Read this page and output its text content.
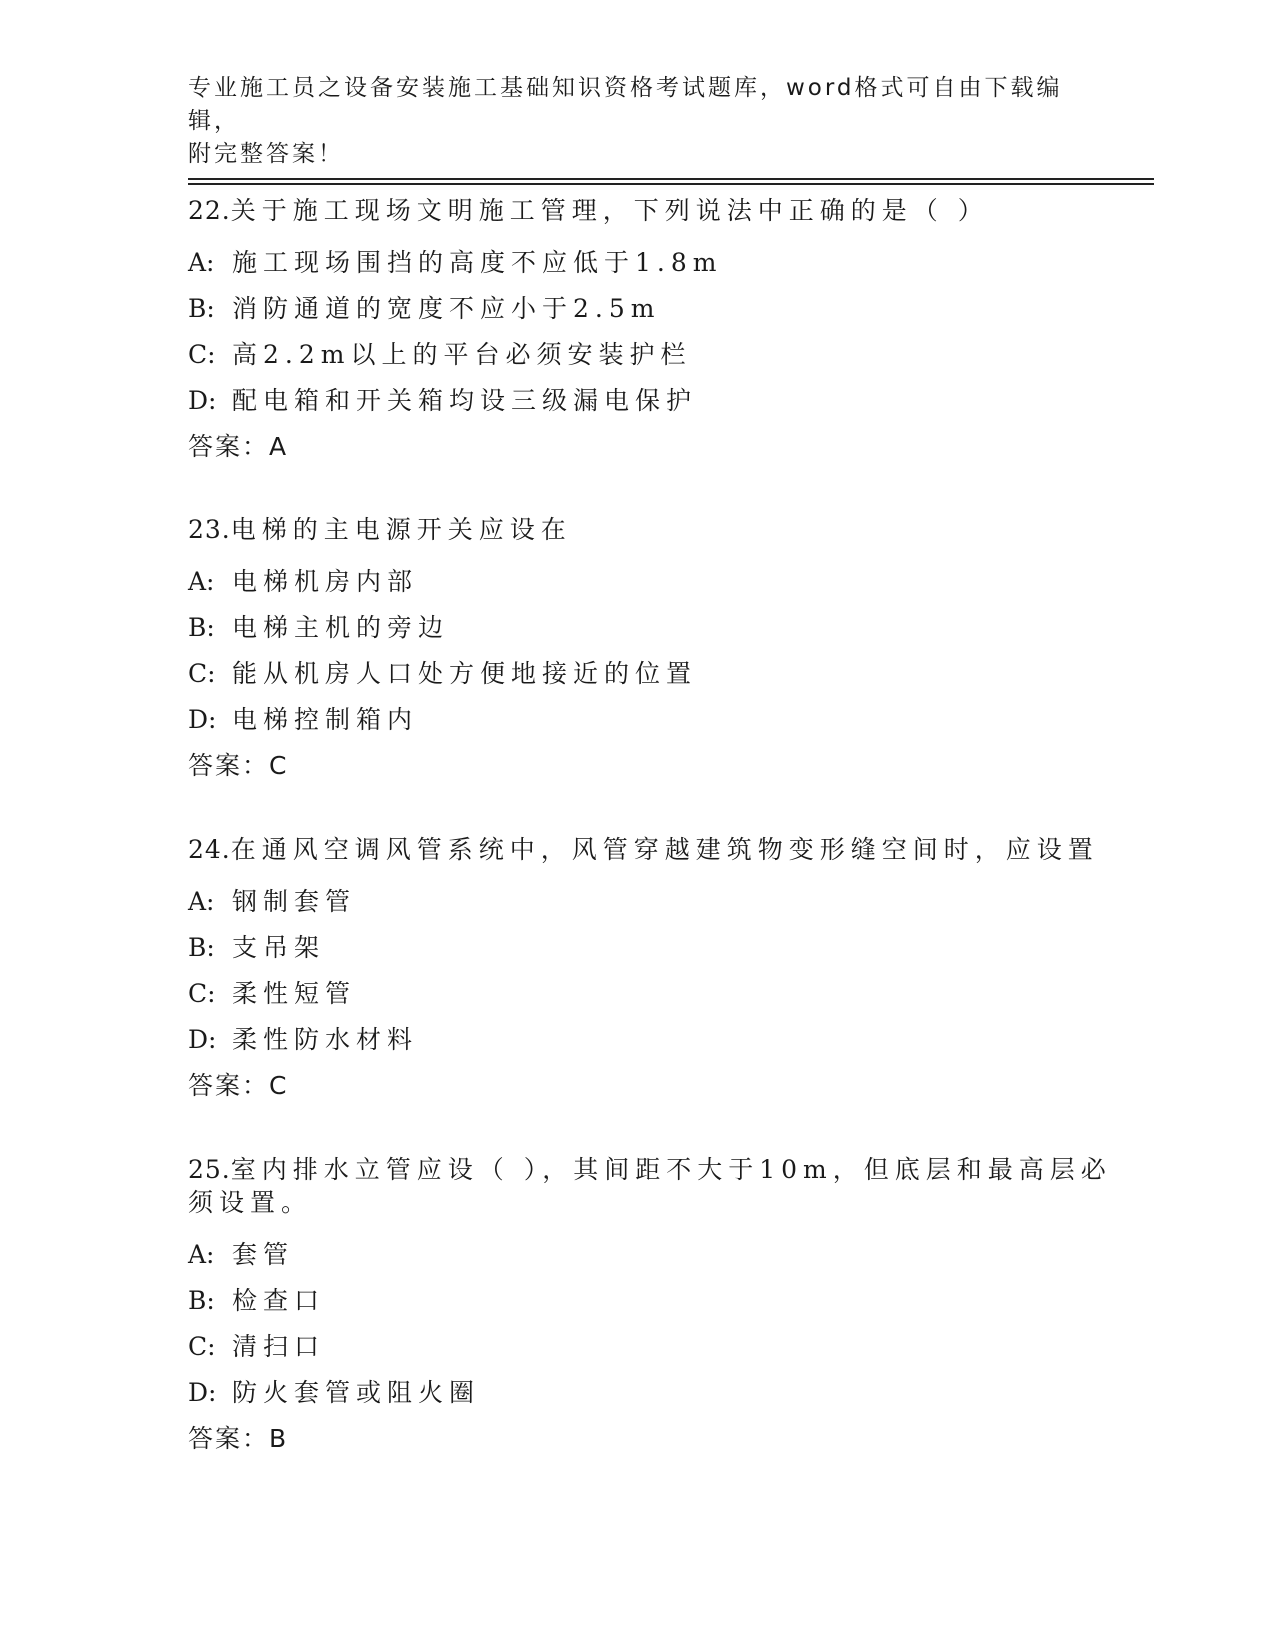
专业施工员之设备安装施工基础知识资格考试题库，word格式可自由下载编辑，
附完整答案！
22.关于施工现场文明施工管理，下列说法中正确的是（ ）
A: 施工现场围挡的高度不应低于1.8m
B: 消防通道的宽度不应小于2.5m
C: 高2.2m以上的平台必须安装护栏
D: 配电箱和开关箱均设三级漏电保护
答案：A
23.电梯的主电源开关应设在
A: 电梯机房内部
B: 电梯主机的旁边
C: 能从机房人口处方便地接近的位置
D: 电梯控制箱内
答案：C
24.在通风空调风管系统中，风管穿越建筑物变形缝空间时，应设置
A: 钢制套管
B: 支吊架
C: 柔性短管
D: 柔性防水材料
答案：C
25.室内排水立管应设（ ），其间距不大于10m，但底层和最高层必须设置。
A: 套管
B: 检查口
C: 清扫口
D: 防火套管或阻火圈
答案：B
